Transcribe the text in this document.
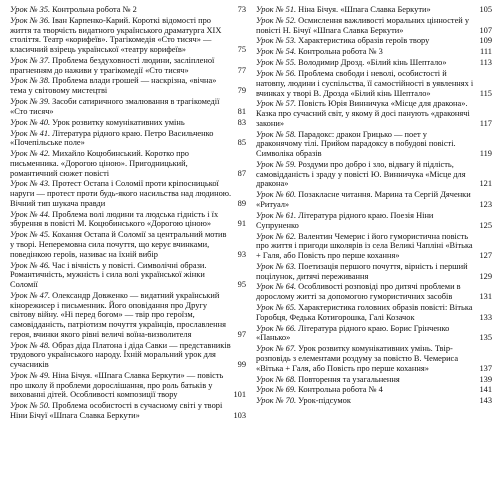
Урок № 35. Контрольна робота № 2	73
Урок № 36. Іван Карпенко-Карий. Короткі відомості про життя та творчість видатного українського драматурга XIX століття. Театр «корифеїв». Трагікомедія «Сто тисяч» — класичний взірець української «театру корифеїв»	75
Урок № 37. Проблема бездуховності людини, засліпленої прагненням до наживи у трагікомедії «Сто тисяч»	77
Урок № 38. Проблема влади грошей — наскрізна, «вічна» тема у світовому мистецтві	79
Урок № 39. Засоби сатиричного змалювання в трагікомедії «Сто тисяч»	81
Урок № 40. Урок розвитку комунікативних умінь	83
Урок № 41. Література рідного краю. Петро Васильченко «Почепільське поле»	85
Урок № 42. Михайло Коцюбинський. Коротко про письменника. «Дорогою ціною». Пригодницький, романтичний сюжет повісті	87
Урок № 43. Протест Остапа і Соломії проти кріпосницької наруги — протест проти будь-якого насильства над людиною. Вічний тип шукача правди	89
Урок № 44. Проблема волі людини та людська гідність і їх збурення в повісті М. Коцюбинського «Дорогою ціною»	91
Урок № 45. Кохання Остапа й Соломії за центральний мотив у творі. Неперемовна сила почуття, що керує вчинками, поведінкою героїв, називає на їхній вибір	93
Урок № 46. Час і вічність у повісті. Символічні образи. Романтичність, мужність і сила волі української жінки Соломії	95
Урок № 47. Олександр Довженко — видатний український кінорежисер і письменник. Його оповідання про Другу світову війну. «Ні перед богом» — твір про героїзм, самовідданість, патріотизм почуття українців, прославлення героя, вчинки якого рівні величі воїна-визволителя	97
Урок № 48. Образ діда Платона і діда Савки — представників трудового українського народу. Їхній моральний урок для сучасників	99
Урок № 49. Ніна Бічуя. «Шпага Славка Беркути» — повість про школу й проблеми дорослішання, про роль батьків у вихованні дітей. Особливості композиції твору	101
Урок № 50. Проблема особистості в сучасному світі у творі Ніни Бічуї «Шпага Славка Беркути»	103
Урок № 51. Ніна Бічуя. «Шпага Славка Беркути»	105
Урок № 52. Осмислення важливості моральних цінностей у повісті Н. Бічуї «Шпага Славка Беркути»	107
Урок № 53. Характеристика образів героїв твору	109
Урок № 54. Контрольна робота № 3	111
Урок № 55. Володимир Дрозд. «Білий кінь Шептало»	113
Урок № 56. Проблема свободи і неволі, особистості й натовпу, людини і суспільства, її самостійності в уявленнях і вчинках у творі В. Дрозда «Білий кінь Шептало»	115
Урок № 57. Повість Юрія Винничука «Місце для дракона». Казка про сучасний світ, у якому й досі панують «драконячі закони»	117
Урок № 58. Парадокс: дракон Грицько — поет у драконячому тілі. Прийом парадоксу в побудові повісті. Символіка образів	119
Урок № 59. Роздуми про добро і зло, відвагу й підлість, самовідданість і зраду у повісті Ю. Винничука «Місце для дракона»	121
Урок № 60. Позакласне читання. Марина та Сергій Дяченки «Ритуал»	123
Урок № 61. Література рідного краю. Поезія Ніни Супруненко	125
Урок № 62. Валентин Чемерис і його гумористична повість про життя і пригоди школярів із села Великі Чапліні «Вітька + Галя, або Повість про перше кохання»	127
Урок № 63. Поетизація першого почуття, вірність і перший поцілунок, дитячі переживання	129
Урок № 64. Особливості розповіді про дитячі проблеми в дорослому житті за допомогою гумористичних засобів	131
Урок № 65. Характеристика головних образів повісті: Вітька Горобця, Федька Котигорошка, Галі Козачок	133
Урок № 66. Література рідного краю. Борис Грінченко «Панько»	135
Урок № 67. Урок розвитку комунікативних умінь. Твір-розповідь з елементами роздуму за повістю В. Чемериса «Вітька + Галя, або Повість про перше кохання»	137
Урок № 68. Повторення та узагальнення	139
Урок № 69. Контрольна робота № 4	141
Урок № 70. Урок-підсумок	143
